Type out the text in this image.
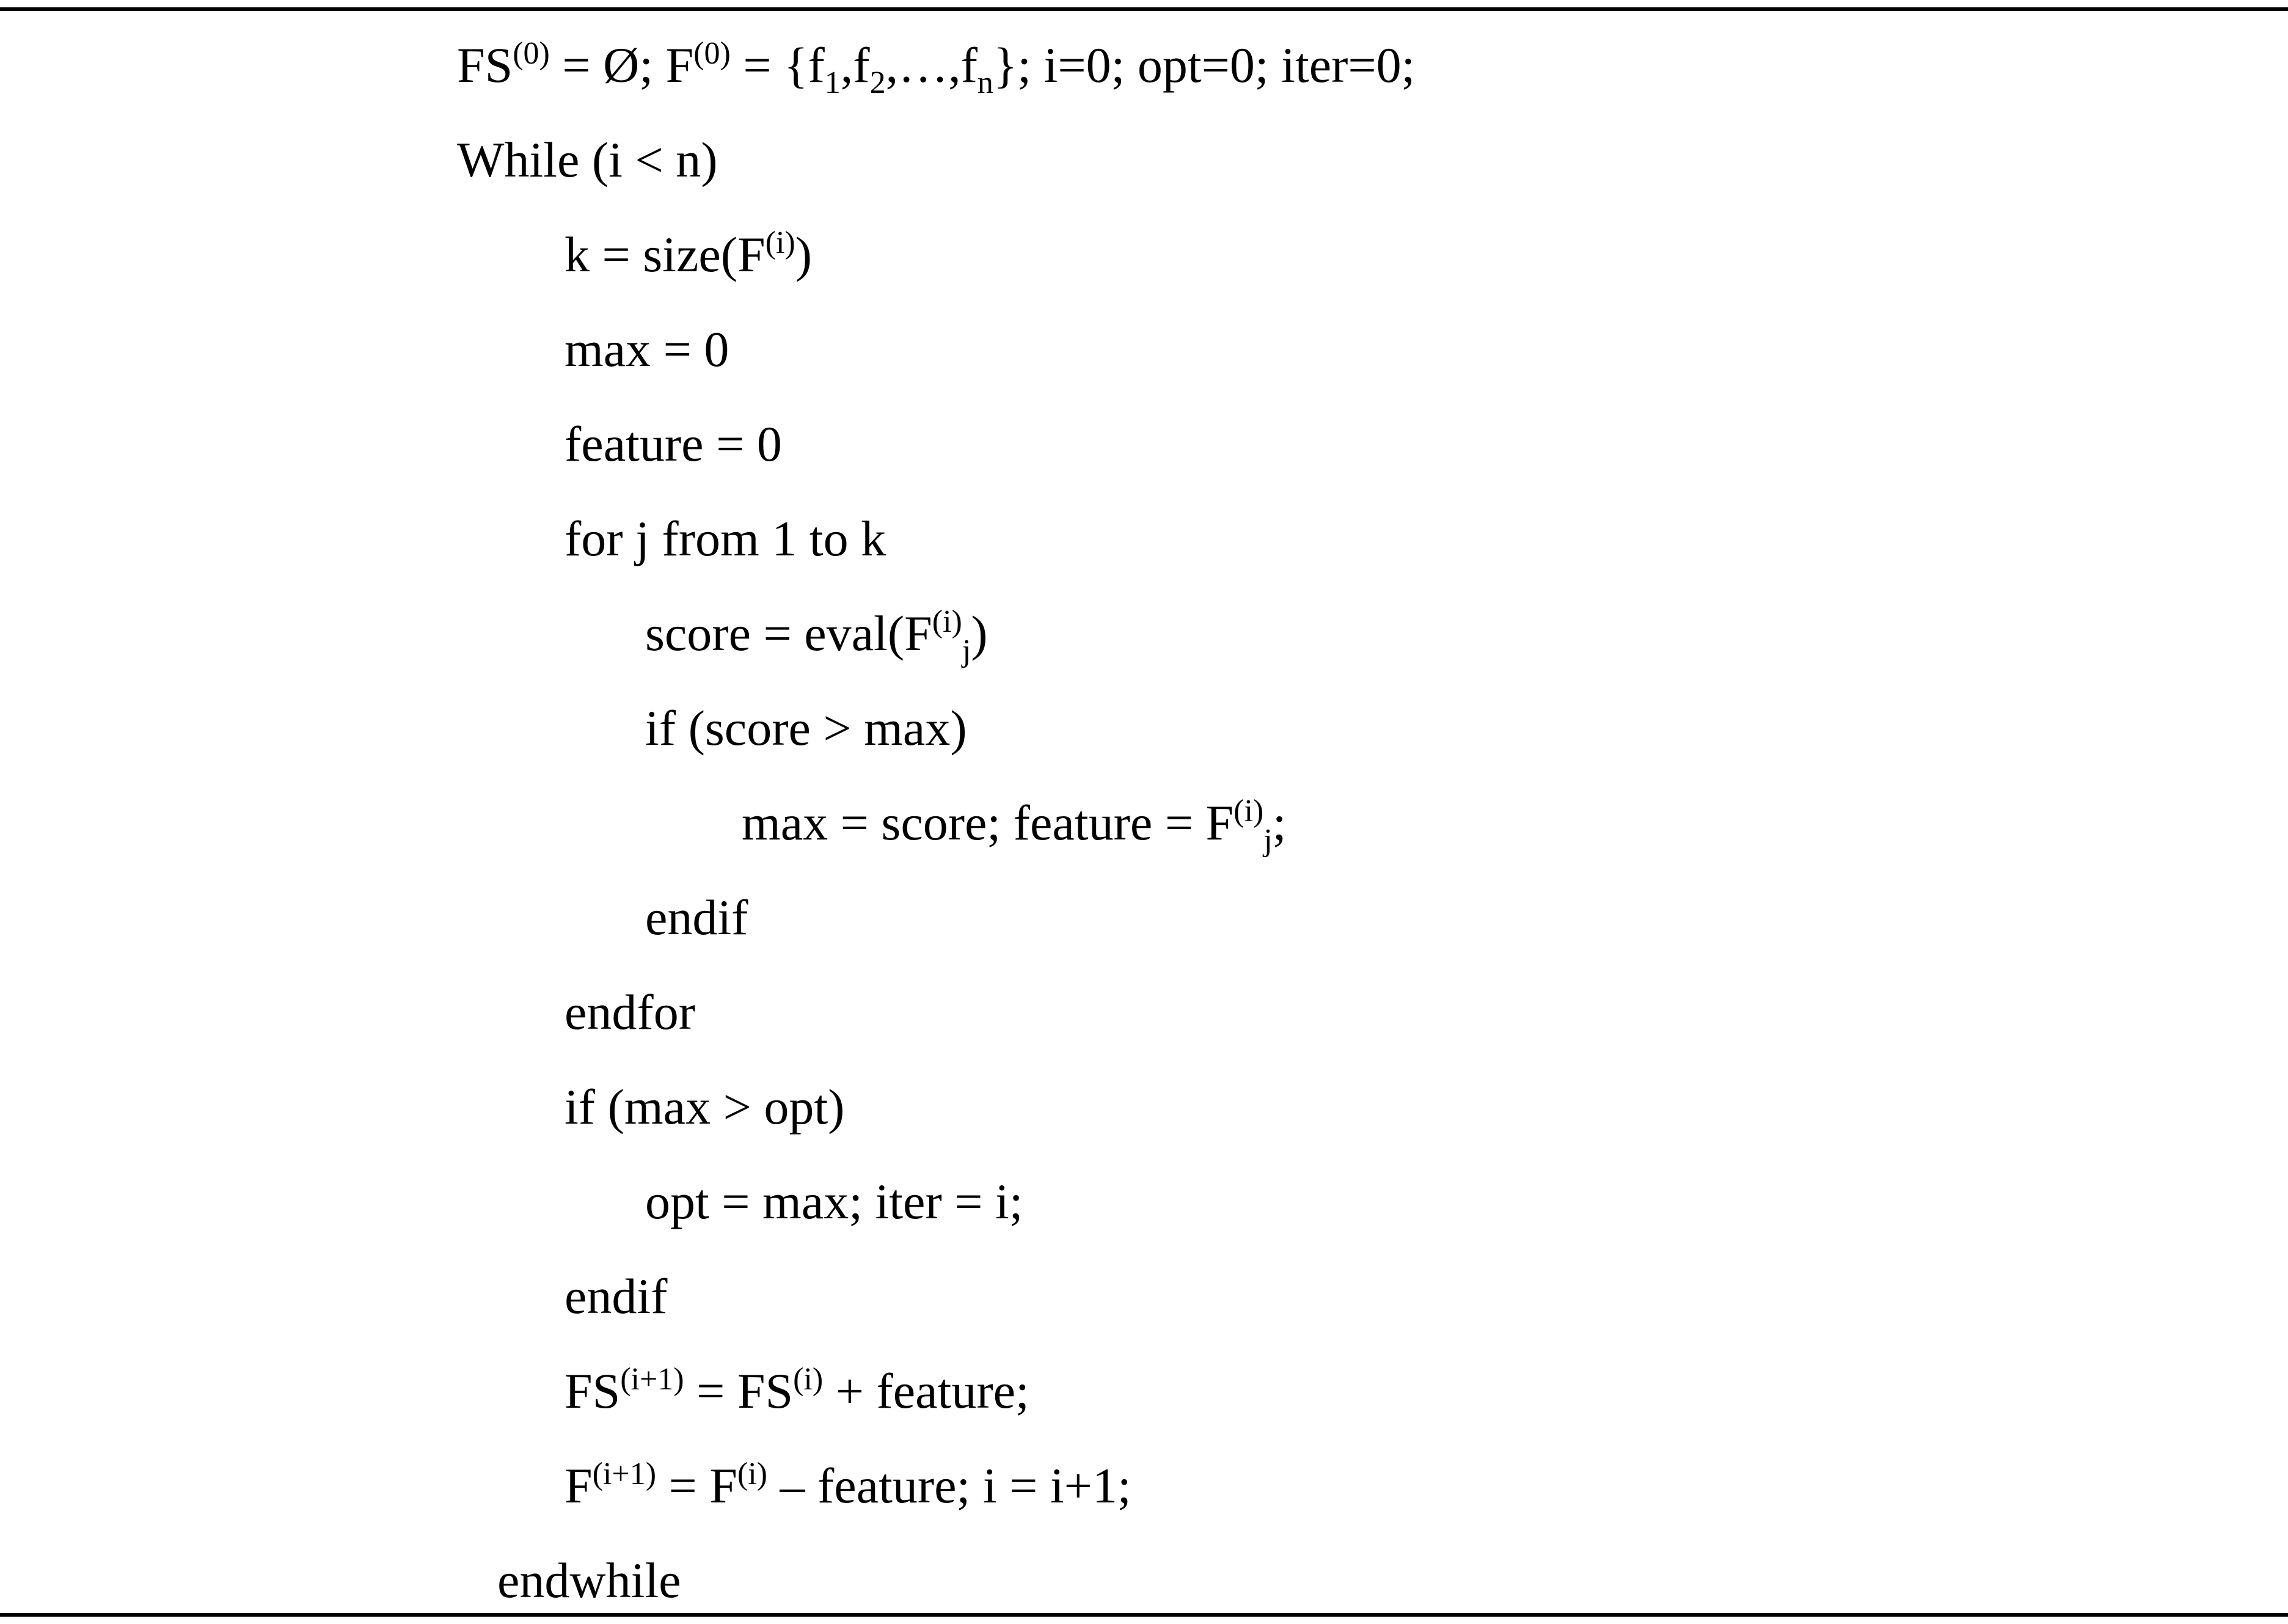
$FS^{(0)}$ = Ø; $F^{(0)}$ = $\{f_1,f_2,\dots,f_n\}$; i=0; opt=0; iter=0;
While (i < n)
$k = size(F^{(i)})$
max = 0
feature = 0
for j from 1 to k
score = $eval(F^{(i)}_j)$
if (score > max)
max = score; feature = $F^{(i)}_j$;
endif
endfor
if (max > opt)
opt = max; iter = i;
endif
$FS^{(i+1)} = FS^{(i)}$ + feature;
$F^{(i+1)} = F^{(i)}$ – feature; i = i+1;
endwhile
